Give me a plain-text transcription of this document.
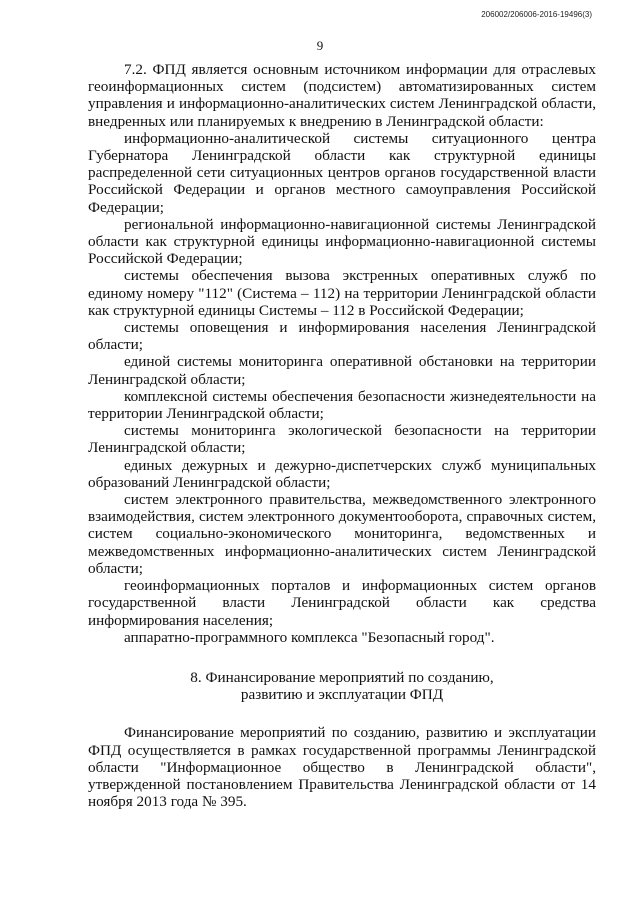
206002/206006-2016-19496(3)
9

7.2. ФПД является основным источником информации для отраслевых геоинформационных систем (подсистем) автоматизированных систем управления и информационно-аналитических систем Ленинградской области, внедренных или планируемых к внедрению в Ленинградской области:

информационно-аналитической системы ситуационного центра Губернатора Ленинградской области как структурной единицы распределенной сети ситуационных центров органов государственной власти Российской Федерации и органов местного самоуправления Российской Федерации;

региональной информационно-навигационной системы Ленинградской области как структурной единицы информационно-навигационной системы Российской Федерации;

системы обеспечения вызова экстренных оперативных служб по единому номеру "112" (Система – 112) на территории Ленинградской области как структурной единицы Системы – 112 в Российской Федерации;

системы оповещения и информирования населения Ленинградской области;

единой системы мониторинга оперативной обстановки на территории Ленинградской области;

комплексной системы обеспечения безопасности жизнедеятельности на территории Ленинградской области;

системы мониторинга экологической безопасности на территории Ленинградской области;

единых дежурных и дежурно-диспетчерских служб муниципальных образований Ленинградской области;

систем электронного правительства, межведомственного электронного взаимодействия, систем электронного документооборота, справочных систем, систем социально-экономического мониторинга, ведомственных и межведомственных информационно-аналитических систем Ленинградской области;

геоинформационных порталов и информационных систем органов государственной власти Ленинградской области как средства информирования населения;

аппаратно-программного комплекса "Безопасный город".

8. Финансирование мероприятий по созданию,
развитию и эксплуатации ФПД

Финансирование мероприятий по созданию, развитию и эксплуатации ФПД осуществляется в рамках государственной программы Ленинградской области "Информационное общество в Ленинградской области", утвержденной постановлением Правительства Ленинградской области от 14 ноября 2013 года № 395.
